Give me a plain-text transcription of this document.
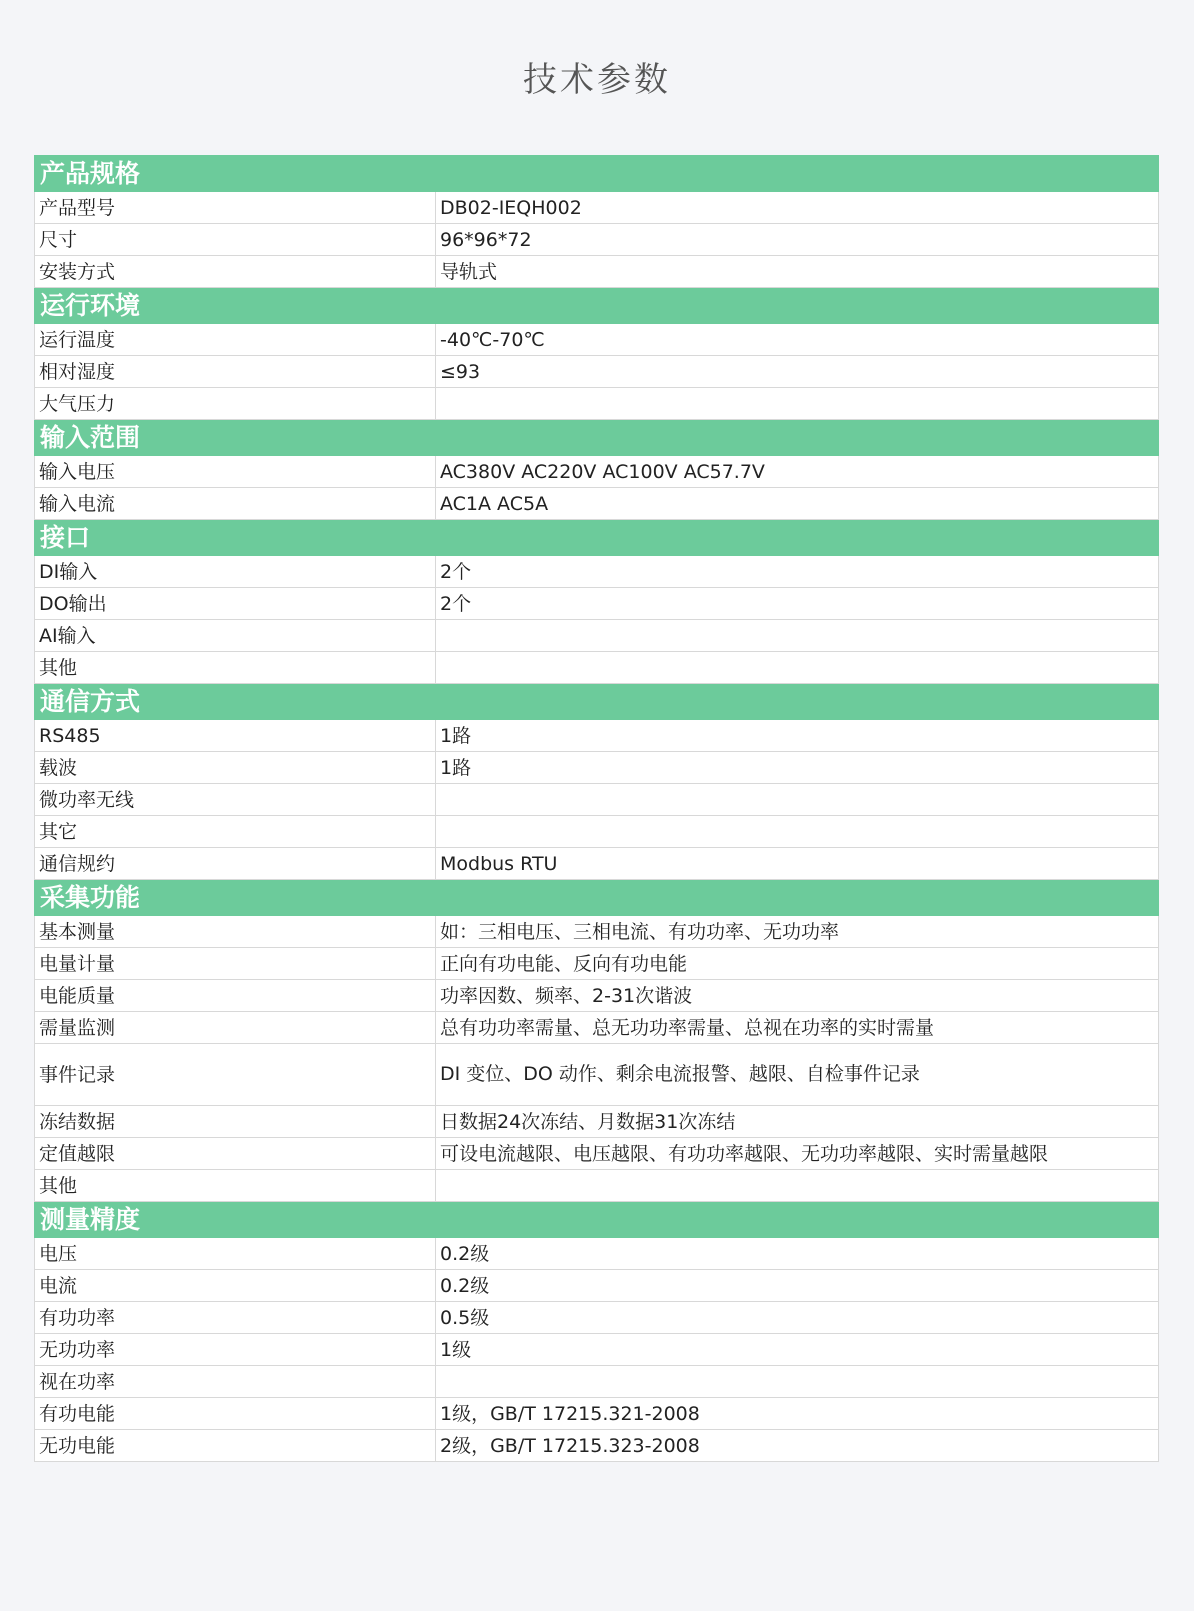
技术参数
产品规格	
产品型号	DB02-IEQH002
尺寸	96*96*72
安装方式	导轨式
运行环境	
运行温度	-40℃-70℃
相对湿度	≤93
大气压力	
输入范围	
输入电压	AC380V AC220V AC100V AC57.7V
输入电流	AC1A AC5A
接口	
DI输入	2个
DO输出	2个
AI输入	
其他	
通信方式	
RS485	1路
载波	1路
微功率无线	
其它	
通信规约	Modbus RTU
采集功能	
基本测量	如：三相电压、三相电流、有功功率、无功功率
电量计量	正向有功电能、反向有功电能
电能质量	功率因数、频率、2-31次谐波
需量监测	总有功功率需量、总无功功率需量、总视在功率的实时需量
事件记录	DI 变位、DO 动作、剩余电流报警、越限、自检事件记录
冻结数据	日数据24次冻结、月数据31次冻结
定值越限	可设电流越限、电压越限、有功功率越限、无功功率越限、实时需量越限
其他	
测量精度	
电压	0.2级
电流	0.2级
有功功率	0.5级
无功功率	1级
视在功率	
有功电能	1级，GB/T 17215.321-2008
无功电能	2级，GB/T 17215.323-2008
